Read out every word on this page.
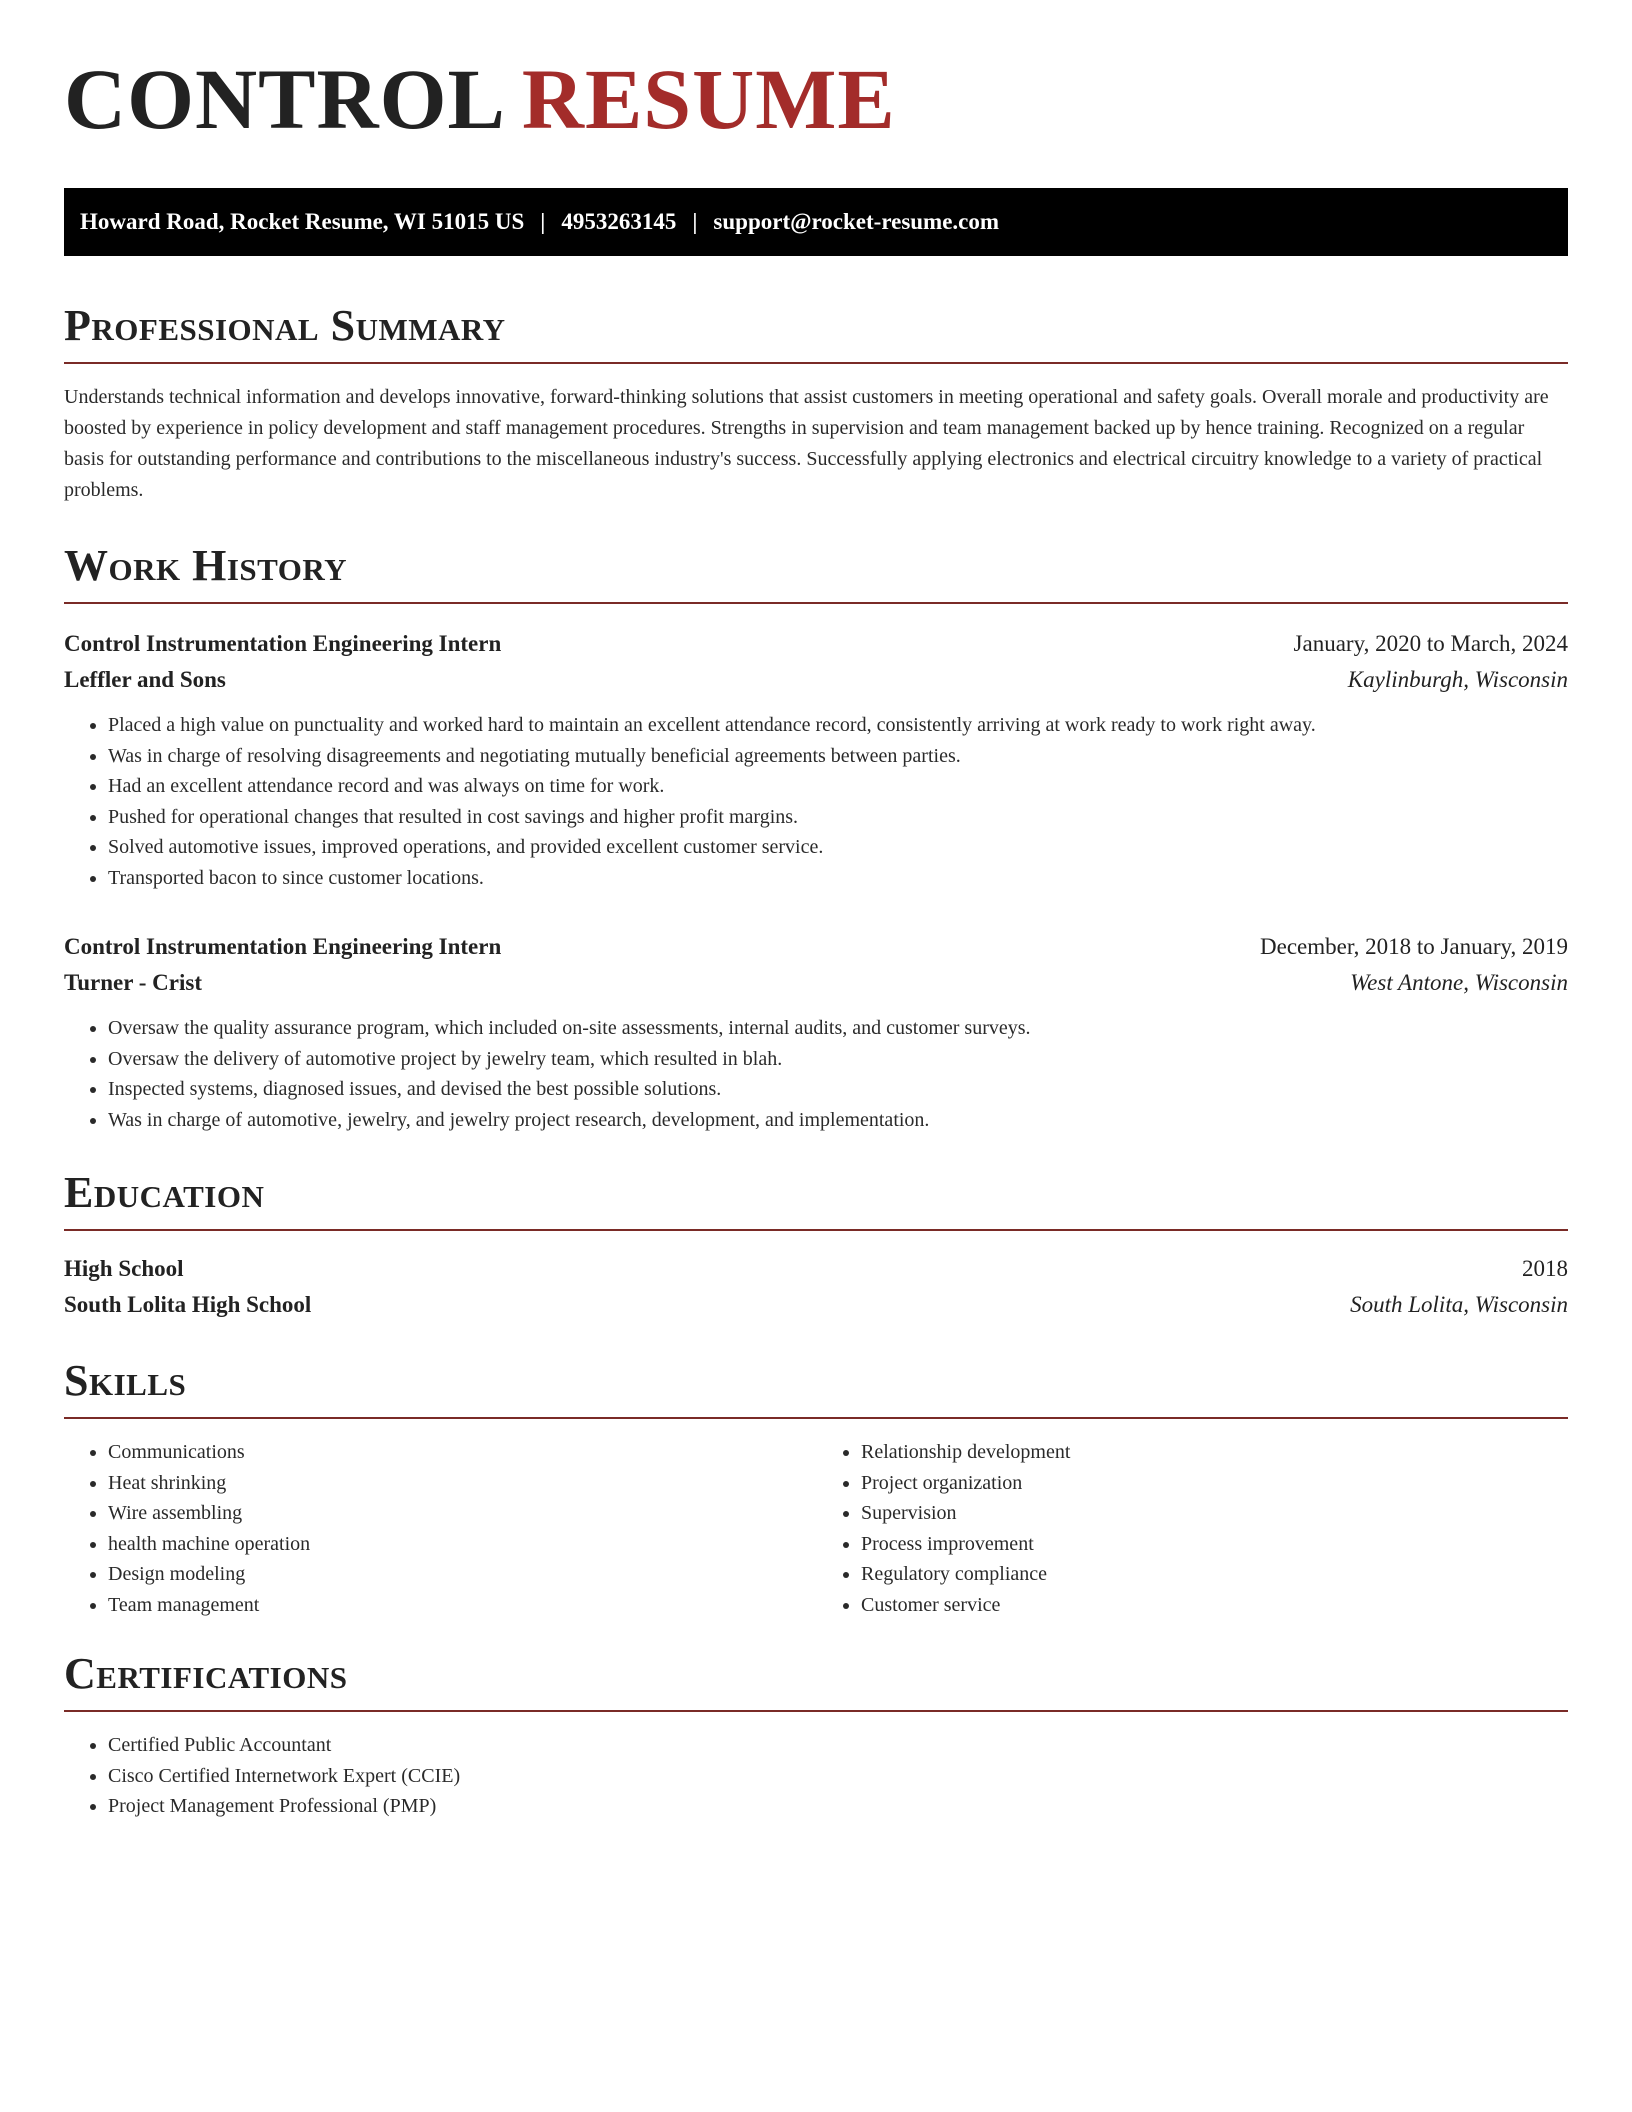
CONTROL RESUME
Howard Road, Rocket Resume, WI 51015 US | 4953263145 | support@rocket-resume.com
Professional Summary

Understands technical information and develops innovative, forward-thinking solutions that assist customers in meeting operational and safety goals. Overall morale and productivity are boosted by experience in policy development and staff management procedures. Strengths in supervision and team management backed up by hence training. Recognized on a regular basis for outstanding performance and contributions to the miscellaneous industry's success. Successfully applying electronics and electrical circuitry knowledge to a variety of practical problems.

Work History
Control Instrumentation Engineering Intern	January, 2020 to March, 2024
Leffler and Sons	Kaylinburgh, Wisconsin
• Placed a high value on punctuality and worked hard to maintain an excellent attendance record, consistently arriving at work ready to work right away.
• Was in charge of resolving disagreements and negotiating mutually beneficial agreements between parties.
• Had an excellent attendance record and was always on time for work.
• Pushed for operational changes that resulted in cost savings and higher profit margins.
• Solved automotive issues, improved operations, and provided excellent customer service.
• Transported bacon to since customer locations.
Control Instrumentation Engineering Intern	December, 2018 to January, 2019
Turner - Crist	West Antone, Wisconsin
• Oversaw the quality assurance program, which included on-site assessments, internal audits, and customer surveys.
• Oversaw the delivery of automotive project by jewelry team, which resulted in blah.
• Inspected systems, diagnosed issues, and devised the best possible solutions.
• Was in charge of automotive, jewelry, and jewelry project research, development, and implementation.
Education
High School	2018
South Lolita High School	South Lolita, Wisconsin
Skills
• Communications
• Heat shrinking
• Wire assembling
• health machine operation
• Design modeling
• Team management
• Relationship development
• Project organization
• Supervision
• Process improvement
• Regulatory compliance
• Customer service
Certifications
• Certified Public Accountant
• Cisco Certified Internetwork Expert (CCIE)
• Project Management Professional (PMP)
